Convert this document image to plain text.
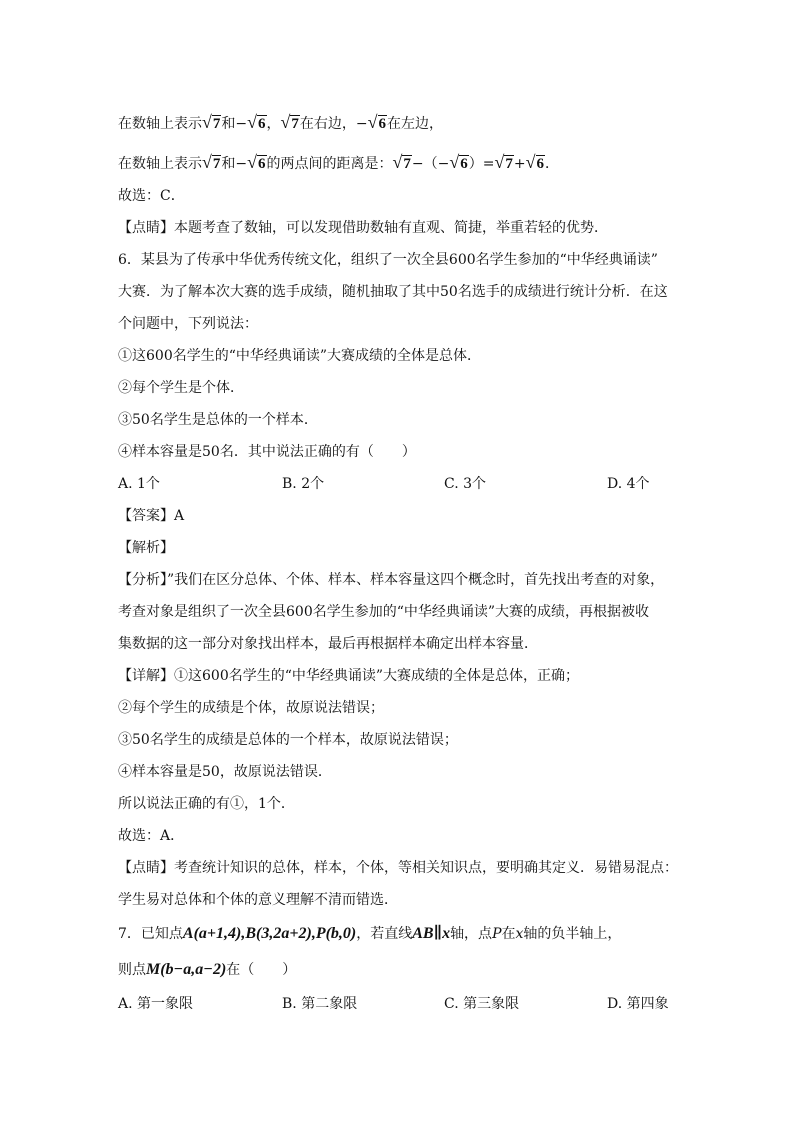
在数轴上表示√7和−√6，√7在右边，−√6在左边，
在数轴上表示√7和−√6的两点间的距离是：√7−（−√6）=√7+√6．
故选：C．
【点睛】本题考查了数轴，可以发现借助数轴有直观、简捷，举重若轻的优势．
6．某县为了传承中华优秀传统文化，组织了一次全县600名学生参加的“中华经典诵读”
大赛．为了解本次大赛的选手成绩，随机抽取了其中50名选手的成绩进行统计分析．在这
个问题中，下列说法：
①这600名学生的“中华经典诵读”大赛成绩的全体是总体．
②每个学生是个体．
③50名学生是总体的一个样本．
④样本容量是50名．其中说法正确的有（　　）
A. 1个	B. 2个	C. 3个	D. 4个
【答案】A
【解析】
【分析】”我们在区分总体、个体、样本、样本容量这四个概念时，首先找出考查的对象，
考查对象是组织了一次全县600名学生参加的“中华经典诵读”大赛的成绩，再根据被收
集数据的这一部分对象找出样本，最后再根据样本确定出样本容量．
【详解】①这600名学生的“中华经典诵读”大赛成绩的全体是总体，正确；
②每个学生的成绩是个体，故原说法错误；
③50名学生的成绩是总体的一个样本，故原说法错误；
④样本容量是50，故原说法错误．
所以说法正确的有①，1个．
故选：A．
【点睛】考查统计知识的总体，样本，个体，等相关知识点，要明确其定义．易错易混点：
学生易对总体和个体的意义理解不清而错选．
7．已知点A(a+1,4),B(3,2a+2),P(b,0)，若直线AB∥x轴，点P在x轴的负半轴上，
则点M(b−a,a−2)在（　　）
A. 第一象限	B. 第二象限	C. 第三象限	D. 第四象
